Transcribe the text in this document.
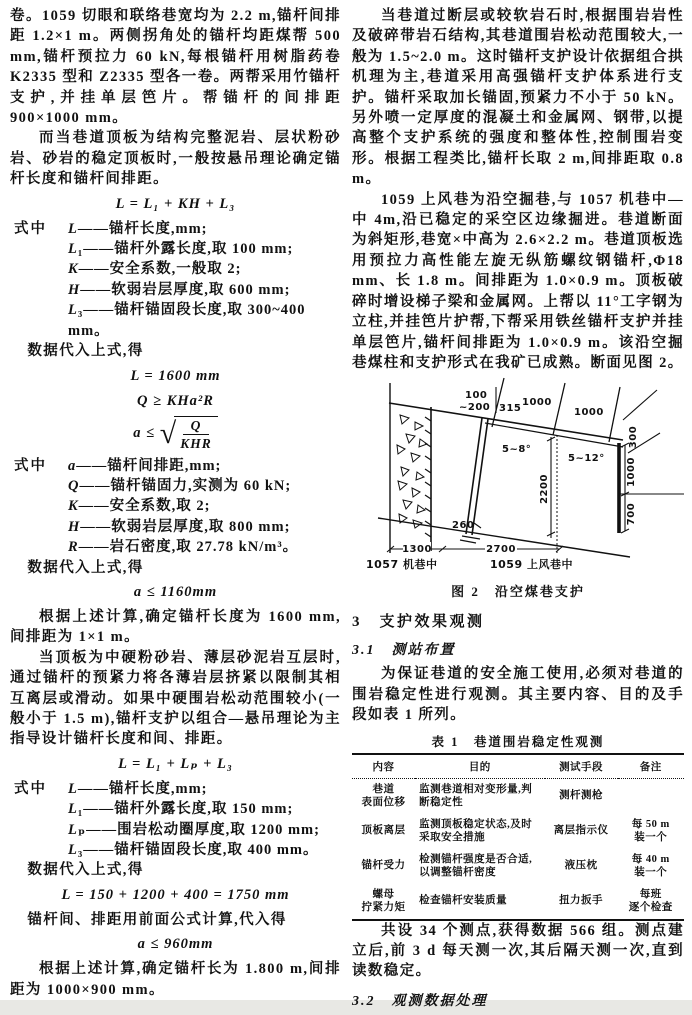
卷。1059 切眼和联络巷宽均为 2.2 m,锚杆间排距 1.2×1 m。两侧拐角处的锚杆均距煤帮 500 mm,锚杆预拉力 60 kN,每根锚杆用树脂药卷 K2335 型和 Z2335 型各一卷。两帮采用竹锚杆支护,并挂单层笆片。帮锚杆的间排距 900×1000 mm。

而当巷道顶板为结构完整泥岩、层状粉砂岩、砂岩的稳定顶板时,一般按悬吊理论确定锚杆长度和锚杆间排距。

L = L₁ + KH + L₃
式中 L——锚杆长度,mm;
L₁——锚杆外露长度,取 100 mm;
K——安全系数,一般取 2;
H——软弱岩层厚度,取 600 mm;
L₃——锚杆锚固段长度,取 300~400 mm。
数据代入上式,得
L = 1600 mm
Q ≥ KHa²R
a ≤
√ Q
KHR
式中 a——锚杆间排距,mm;
Q——锚杆锚固力,实测为 60 kN;
K——安全系数,取 2;
H——软弱岩层厚度,取 800 mm;
R——岩石密度,取 27.78 kN/m³。
数据代入上式,得
a ≤ 1160mm

根据上述计算,确定锚杆长度为 1600 mm,间排距为 1×1 m。

当顶板为中硬粉砂岩、薄层砂泥岩互层时,通过锚杆的预紧力将各薄岩层挤紧以限制其相互离层或滑动。如果中硬围岩松动范围较小(一般小于 1.5 m),锚杆支护以组合—悬吊理论为主指导设计锚杆长度和间、排距。

L = L₁ + Lₚ + L₃
式中 L——锚杆长度,mm;
L₁——锚杆外露长度,取 150 mm;
Lₚ——围岩松动圈厚度,取 1200 mm;
L₃——锚杆锚固段长度,取 400 mm。
数据代入上式,得
L = 150 + 1200 + 400 = 1750 mm
锚杆间、排距用前面公式计算,代入得
a ≤ 960mm

根据上述计算,确定锚杆长为 1.800 m,间排距为 1000×900 mm。

当巷道过断层或较软岩石时,根据围岩岩性及破碎带岩石结构,其巷道围岩松动范围较大,一般为 1.5~2.0 m。这时锚杆支护设计依据组合拱机理为主,巷道采用高强锚杆支护体系进行支护。锚杆采取加长锚固,预紧力不小于 50 kN。另外喷一定厚度的混凝土和金属网、钢带,以提高整个支护系统的强度和整体性,控制围岩变形。根据工程类比,锚杆长取 2 m,间排距取 0.8 m。

1059 上风巷为沿空掘巷,与 1057 机巷中—中 4m,沿已稳定的采空区边缘掘进。巷道断面为斜矩形,巷宽×中高为 2.6×2.2 m。巷道顶板选用预拉力高性能左旋无纵筋螺纹钢锚杆,Φ18 mm、长 1.8 m。间排距为 1.0×0.9 m。顶板破碎时增设梯子梁和金属网。上帮以 11°工字钢为立柱,并挂笆片护帮,下帮采用铁丝锚杆支护并挂单层笆片,锚杆间排距为 1.0×0.9 m。该沿空掘巷煤柱和支护形式在我矿已成熟。断面见图 2。

100
~200 315
1000
1000
5~8°
5~12°
2200
300
1000
700
260
1300	2700
1057 机巷中	1059 上风巷中
图 2　沿空煤巷支护
3　支护效果观测
3.1　测站布置

为保证巷道的安全施工使用,必须对巷道的围岩稳定性进行观测。其主要内容、目的及手段如表 1 所列。

表 1　巷道围岩稳定性观测
内容	目的	测试手段	备注
巷道
表面位移	监测巷道相对变形量,判断稳定性	测杆测枪	
顶板离层	监测顶板稳定状态,及时采取安全措施	离层指示仪	每 50 m
装一个
锚杆受力	检测锚杆强度是否合适,以调整锚杆密度	液压枕	每 40 m
装一个
螺母
拧紧力矩	检查锚杆安装质量	扭力扳手	每班
逐个检查

共设 34 个测点,获得数据 566 组。测点建立后,前 3 d 每天测一次,其后隔天测一次,直到读数稳定。

3.2　观测数据处理
